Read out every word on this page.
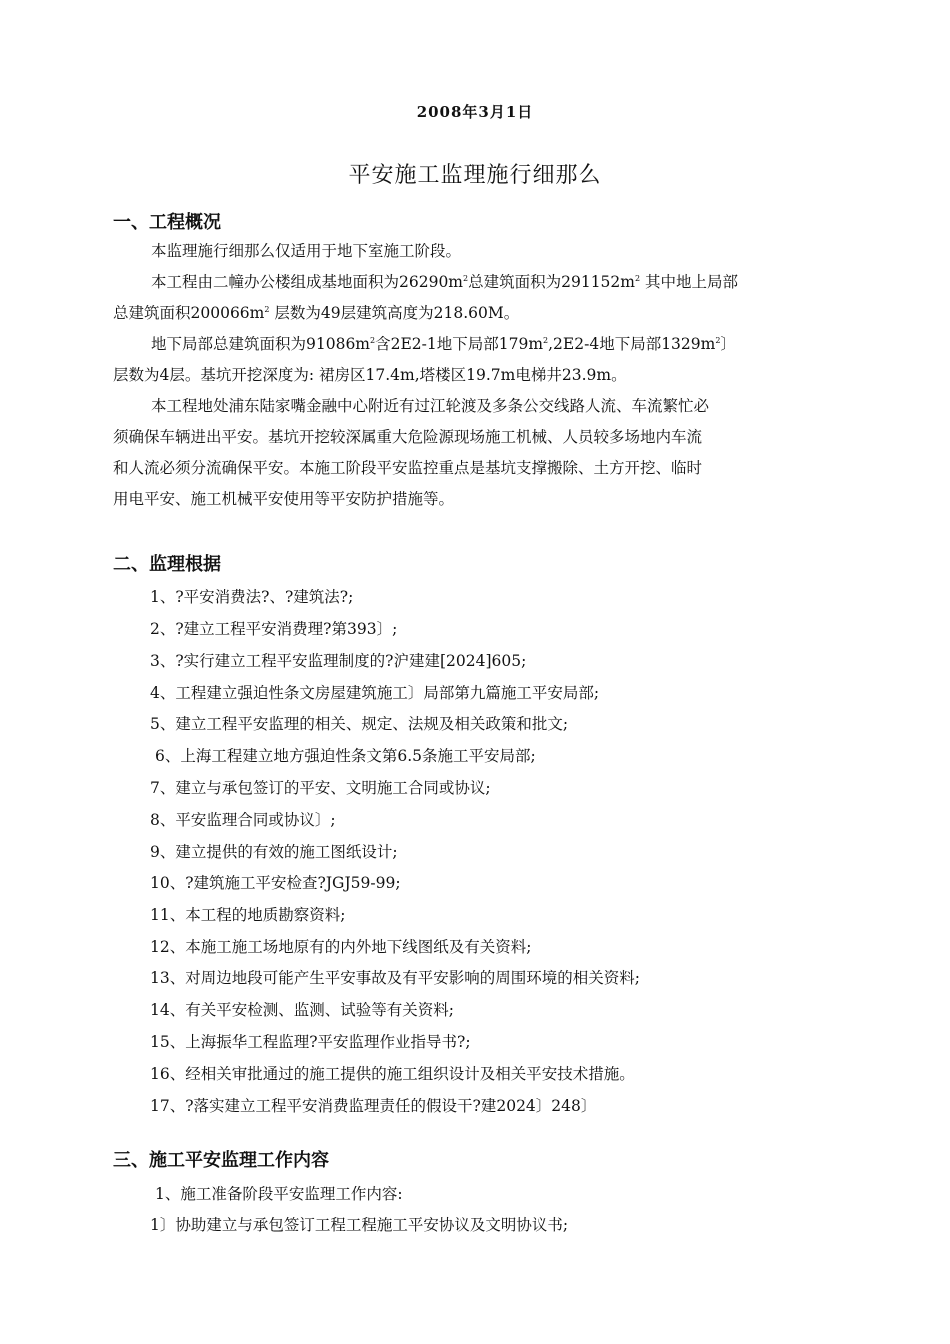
2008年3月1日
平安施工监理施行细那么
一、工程概况
本监理施行细那么仅适用于地下室施工阶段。
本工程由二幢办公楼组成基地面积为$26290m^2$总建筑面积为$291152m^2$ 其中地上局部
总建筑面积$200066m^2$ 层数为49层建筑高度为218.60M。
地下局部总建筑面积为$91086m^2$含2E2-1地下局部$179m^2,2E2-4$地下局部$1329m^2$〕
层数为4层。基坑开挖深度为: 裙房区17.4m,塔楼区19.7m电梯井23.9m。
本工程地处浦东陆家嘴金融中心附近有过江轮渡及多条公交线路人流、车流繁忙必
须确保车辆进出平安。基坑开挖较深属重大危险源现场施工机械、人员较多场地内车流
和人流必须分流确保平安。本施工阶段平安监控重点是基坑支撑搬除、土方开挖、临时
用电平安、施工机械平安使用等平安防护措施等。
二、监理根据
1、?平安消费法?、?建筑法?;
2、?建立工程平安消费理?第393〕;
3、?实行建立工程平安监理制度的?沪建建[2024]605;
4、工程建立强迫性条文房屋建筑施工〕局部第九篇施工平安局部;
5、建立工程平安监理的相关、规定、法规及相关政策和批文;
6、上海工程建立地方强迫性条文第6.5条施工平安局部;
7、建立与承包签订的平安、文明施工合同或协议;
8、平安监理合同或协议〕;
9、建立提供的有效的施工图纸设计;
10、?建筑施工平安检查?JGJ59-99;
11、本工程的地质勘察资料;
12、本施工施工场地原有的内外地下线图纸及有关资料;
13、对周边地段可能产生平安事故及有平安影响的周围环境的相关资料;
14、有关平安检测、监测、试验等有关资料;
15、上海振华工程监理?平安监理作业指导书?;
16、经相关审批通过的施工提供的施工组织设计及相关平安技术措施。
17、?落实建立工程平安消费监理责任的假设干?建2024〕248〕
三、施工平安监理工作内容
1、施工准备阶段平安监理工作内容:
1〕协助建立与承包签订工程工程施工平安协议及文明协议书;
